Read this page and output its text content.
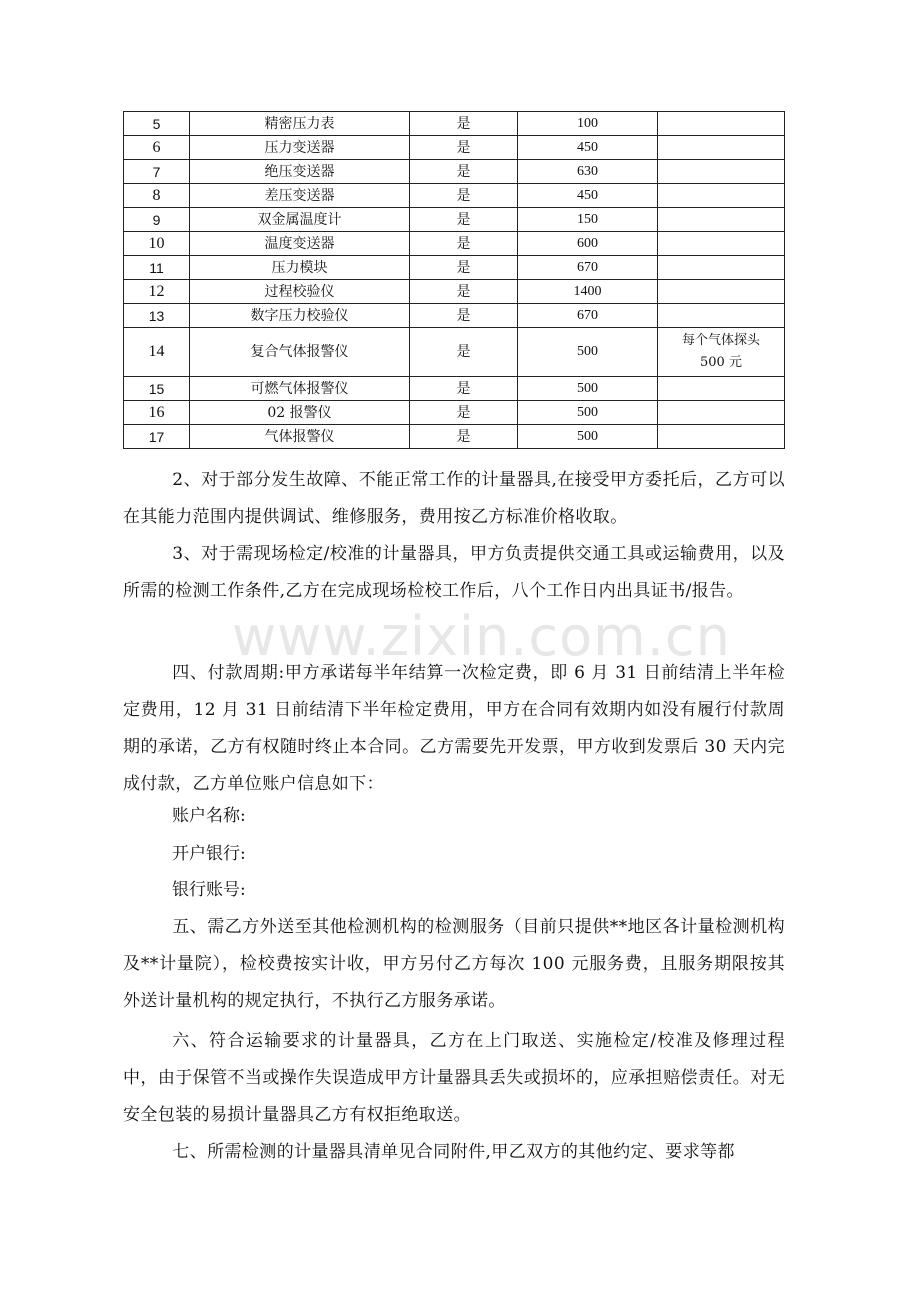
5	精密压力表	是	100	
6	压力变送器	是	450	
7	绝压变送器	是	630	
8	差压变送器	是	450	
9	双金属温度计	是	150	
10	温度变送器	是	600	
11	压力模块	是	670	
12	过程校验仪	是	1400	
13	数字压力校验仪	是	670	
14	复合气体报警仪	是	500	每个气体探头
500 元

15	可燃气体报警仪	是	500	
16	02 报警仪	是	500	
17	气体报警仪	是	500	
www.zixin.com.cn

2、对于部分发生故障、不能正常工作的计量器具,在接受甲方委托后，乙方可以在其能力范围内提供调试、维修服务，费用按乙方标准价格收取。

3、对于需现场检定/校准的计量器具，甲方负责提供交通工具或运输费用，以及所需的检测工作条件,乙方在完成现场检校工作后，八个工作日内出具证书/报告。

四、付款周期:甲方承诺每半年结算一次检定费，即 6 月 31 日前结清上半年检定费用，12 月 31 日前结清下半年检定费用，甲方在合同有效期内如没有履行付款周期的承诺，乙方有权随时终止本合同。乙方需要先开发票，甲方收到发票后 30 天内完成付款，乙方单位账户信息如下：

账户名称:

开户银行:

银行账号:

五、需乙方外送至其他检测机构的检测服务（目前只提供**地区各计量检测机构及**计量院），检校费按实计收，甲方另付乙方每次 100 元服务费，且服务期限按其外送计量机构的规定执行，不执行乙方服务承诺。

六、符合运输要求的计量器具，乙方在上门取送、实施检定/校准及修理过程中，由于保管不当或操作失误造成甲方计量器具丢失或损坏的，应承担赔偿责任。对无安全包装的易损计量器具乙方有权拒绝取送。

七、所需检测的计量器具清单见合同附件,甲乙双方的其他约定、要求等都
